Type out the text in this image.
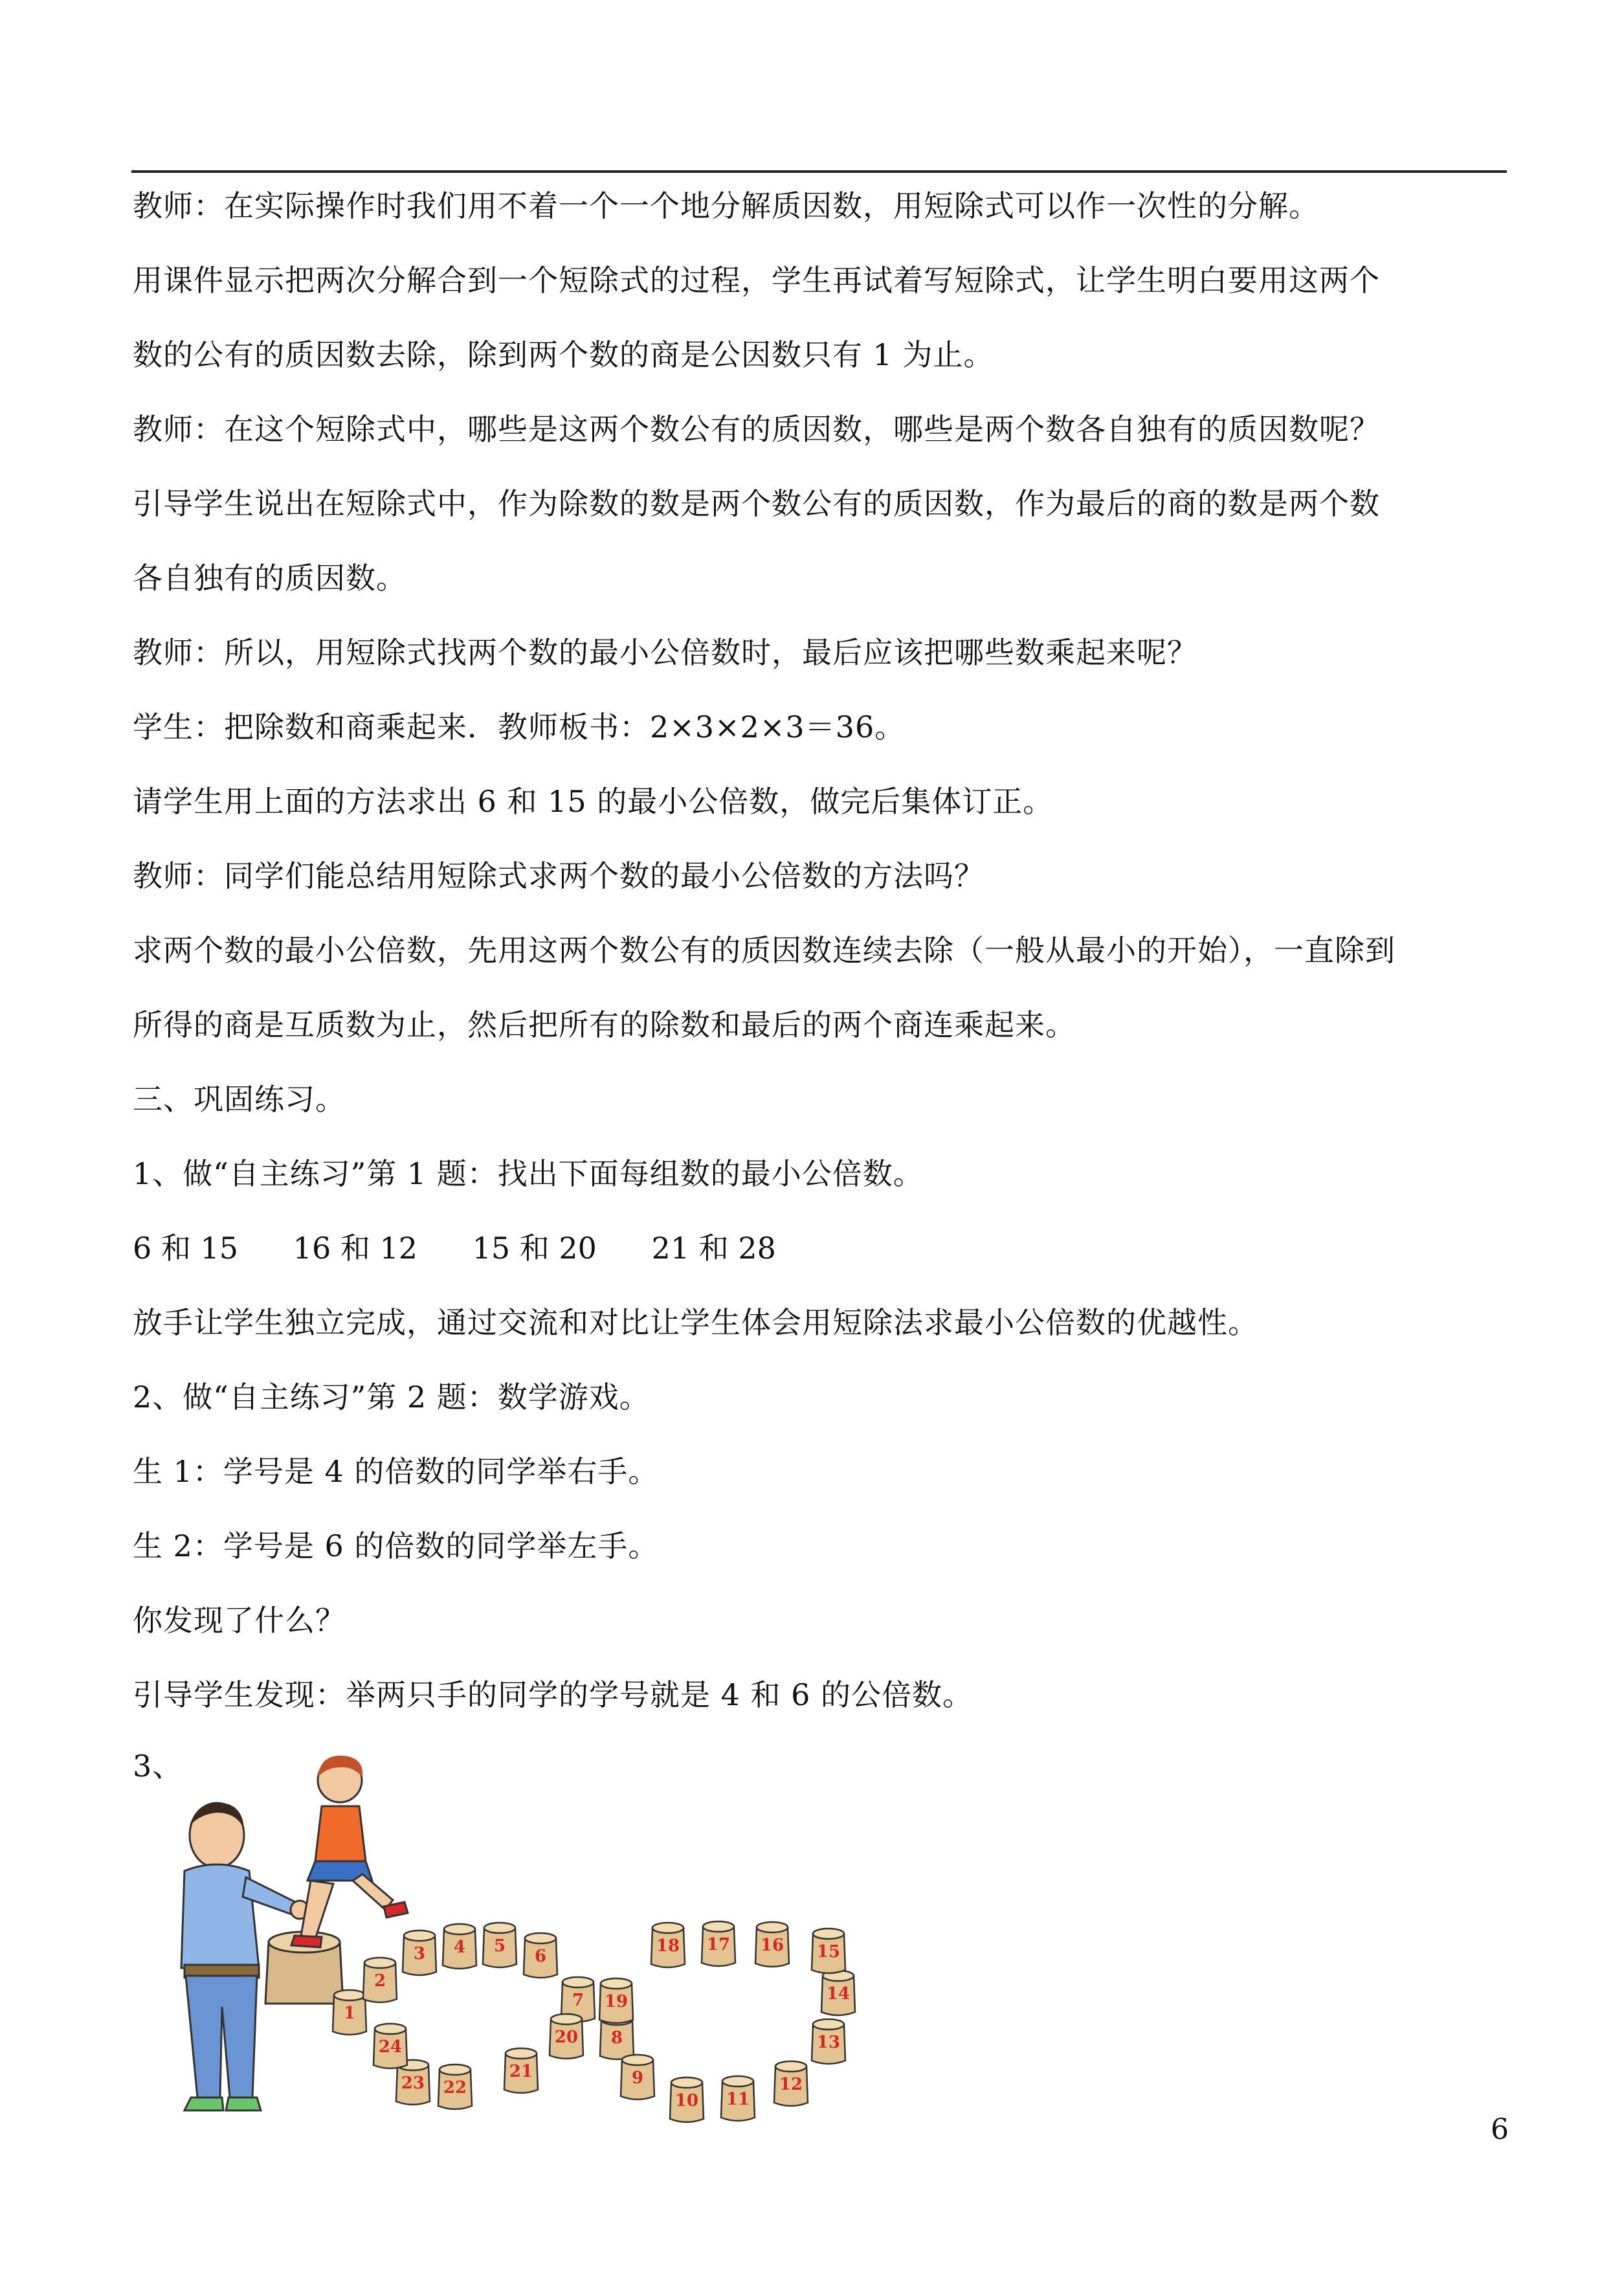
教师：在实际操作时我们用不着一个一个地分解质因数，用短除式可以作一次性的分解。
用课件显示把两次分解合到一个短除式的过程，学生再试着写短除式，让学生明白要用这两个
数的公有的质因数去除，除到两个数的商是公因数只有 1 为止。
教师：在这个短除式中，哪些是这两个数公有的质因数，哪些是两个数各自独有的质因数呢？
引导学生说出在短除式中，作为除数的数是两个数公有的质因数，作为最后的商的数是两个数
各自独有的质因数。
教师：所以，用短除式找两个数的最小公倍数时，最后应该把哪些数乘起来呢？
学生：把除数和商乘起来．教师板书：2×3×2×3＝36。
请学生用上面的方法求出 6 和 15 的最小公倍数，做完后集体订正。
教师：同学们能总结用短除式求两个数的最小公倍数的方法吗？
求两个数的最小公倍数，先用这两个数公有的质因数连续去除（一般从最小的开始），一直除到
所得的商是互质数为止，然后把所有的除数和最后的两个商连乘起来。
三、巩固练习。
1、做“自主练习”第 1 题：找出下面每组数的最小公倍数。
6 和 15 16 和 12 15 和 20 21 和 28
放手让学生独立完成，通过交流和对比让学生体会用短除法求最小公倍数的优越性。
2、做“自主练习”第 2 题：数学游戏。
生 1：学号是 4 的倍数的同学举右手。
生 2：学号是 6 的倍数的同学举左手。
你发现了什么？
引导学生发现：举两只手的同学的学号就是 4 和 6 的公倍数。
3、
1
2
3 4 5
6
7
8
9
10 11
12
13
14
15
16
17
18
19
20
21
22
23
24
6
